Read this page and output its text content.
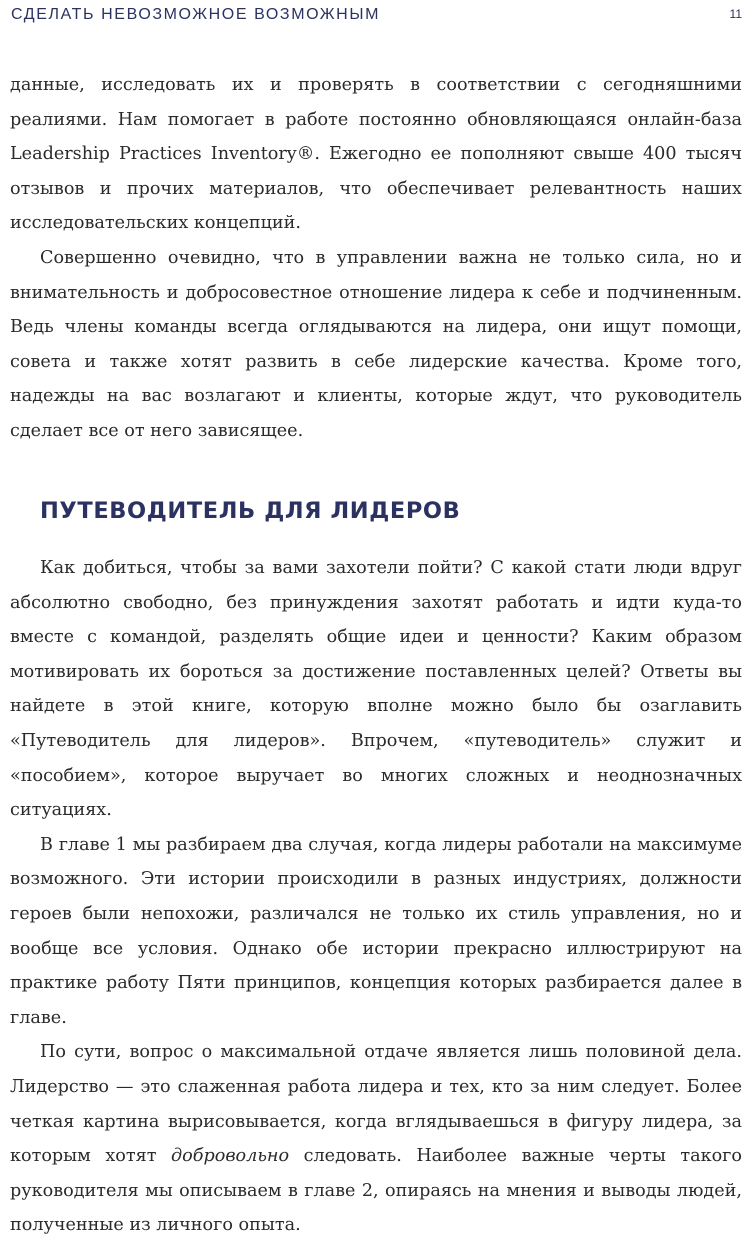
СДЕЛАТЬ НЕВОЗМОЖНОЕ ВОЗМОЖНЫМ	11

данные, исследовать их и проверять в соответствии с сегодняшними реалиями. Нам помогает в работе постоянно обновляющаяся онлайн-база Leadership Practices Inventory®. Ежегодно ее пополняют свыше 400 тысяч отзывов и прочих материалов, что обеспечивает релевантность наших исследовательских концепций.

Совершенно очевидно, что в управлении важна не только сила, но и внимательность и добросовестное отношение лидера к себе и подчиненным. Ведь члены команды всегда оглядываются на лидера, они ищут помощи, совета и также хотят развить в себе лидерские качества. Кроме того, надежды на вас возлагают и клиенты, которые ждут, что руководитель сделает все от него зависящее.

ПУТЕВОДИТЕЛЬ ДЛЯ ЛИДЕРОВ

Как добиться, чтобы за вами захотели пойти? С какой стати люди вдруг абсолютно свободно, без принуждения захотят работать и идти куда-то вместе с командой, разделять общие идеи и ценности? Каким образом мотивировать их бороться за достижение поставленных целей? Ответы вы найдете в этой книге, которую вполне можно было бы озаглавить «Путеводитель для лидеров». Впрочем, «путеводитель» служит и «пособием», которое выручает во многих сложных и неоднозначных ситуациях.

В главе 1 мы разбираем два случая, когда лидеры работали на максимуме возможного. Эти истории происходили в разных индустриях, должности героев были непохожи, различался не только их стиль управления, но и вообще все условия. Однако обе истории прекрасно иллюстрируют на практике работу Пяти принципов, концепция которых разбирается далее в главе.

По сути, вопрос о максимальной отдаче является лишь половиной дела. Лидерство — это слаженная работа лидера и тех, кто за ним следует. Более четкая картина вырисовывается, когда вглядываешься в фигуру лидера, за которым хотят добровольно следовать. Наиболее важные черты такого руководителя мы описываем в главе 2, опираясь на мнения и выводы людей, полученные из личного опыта.
